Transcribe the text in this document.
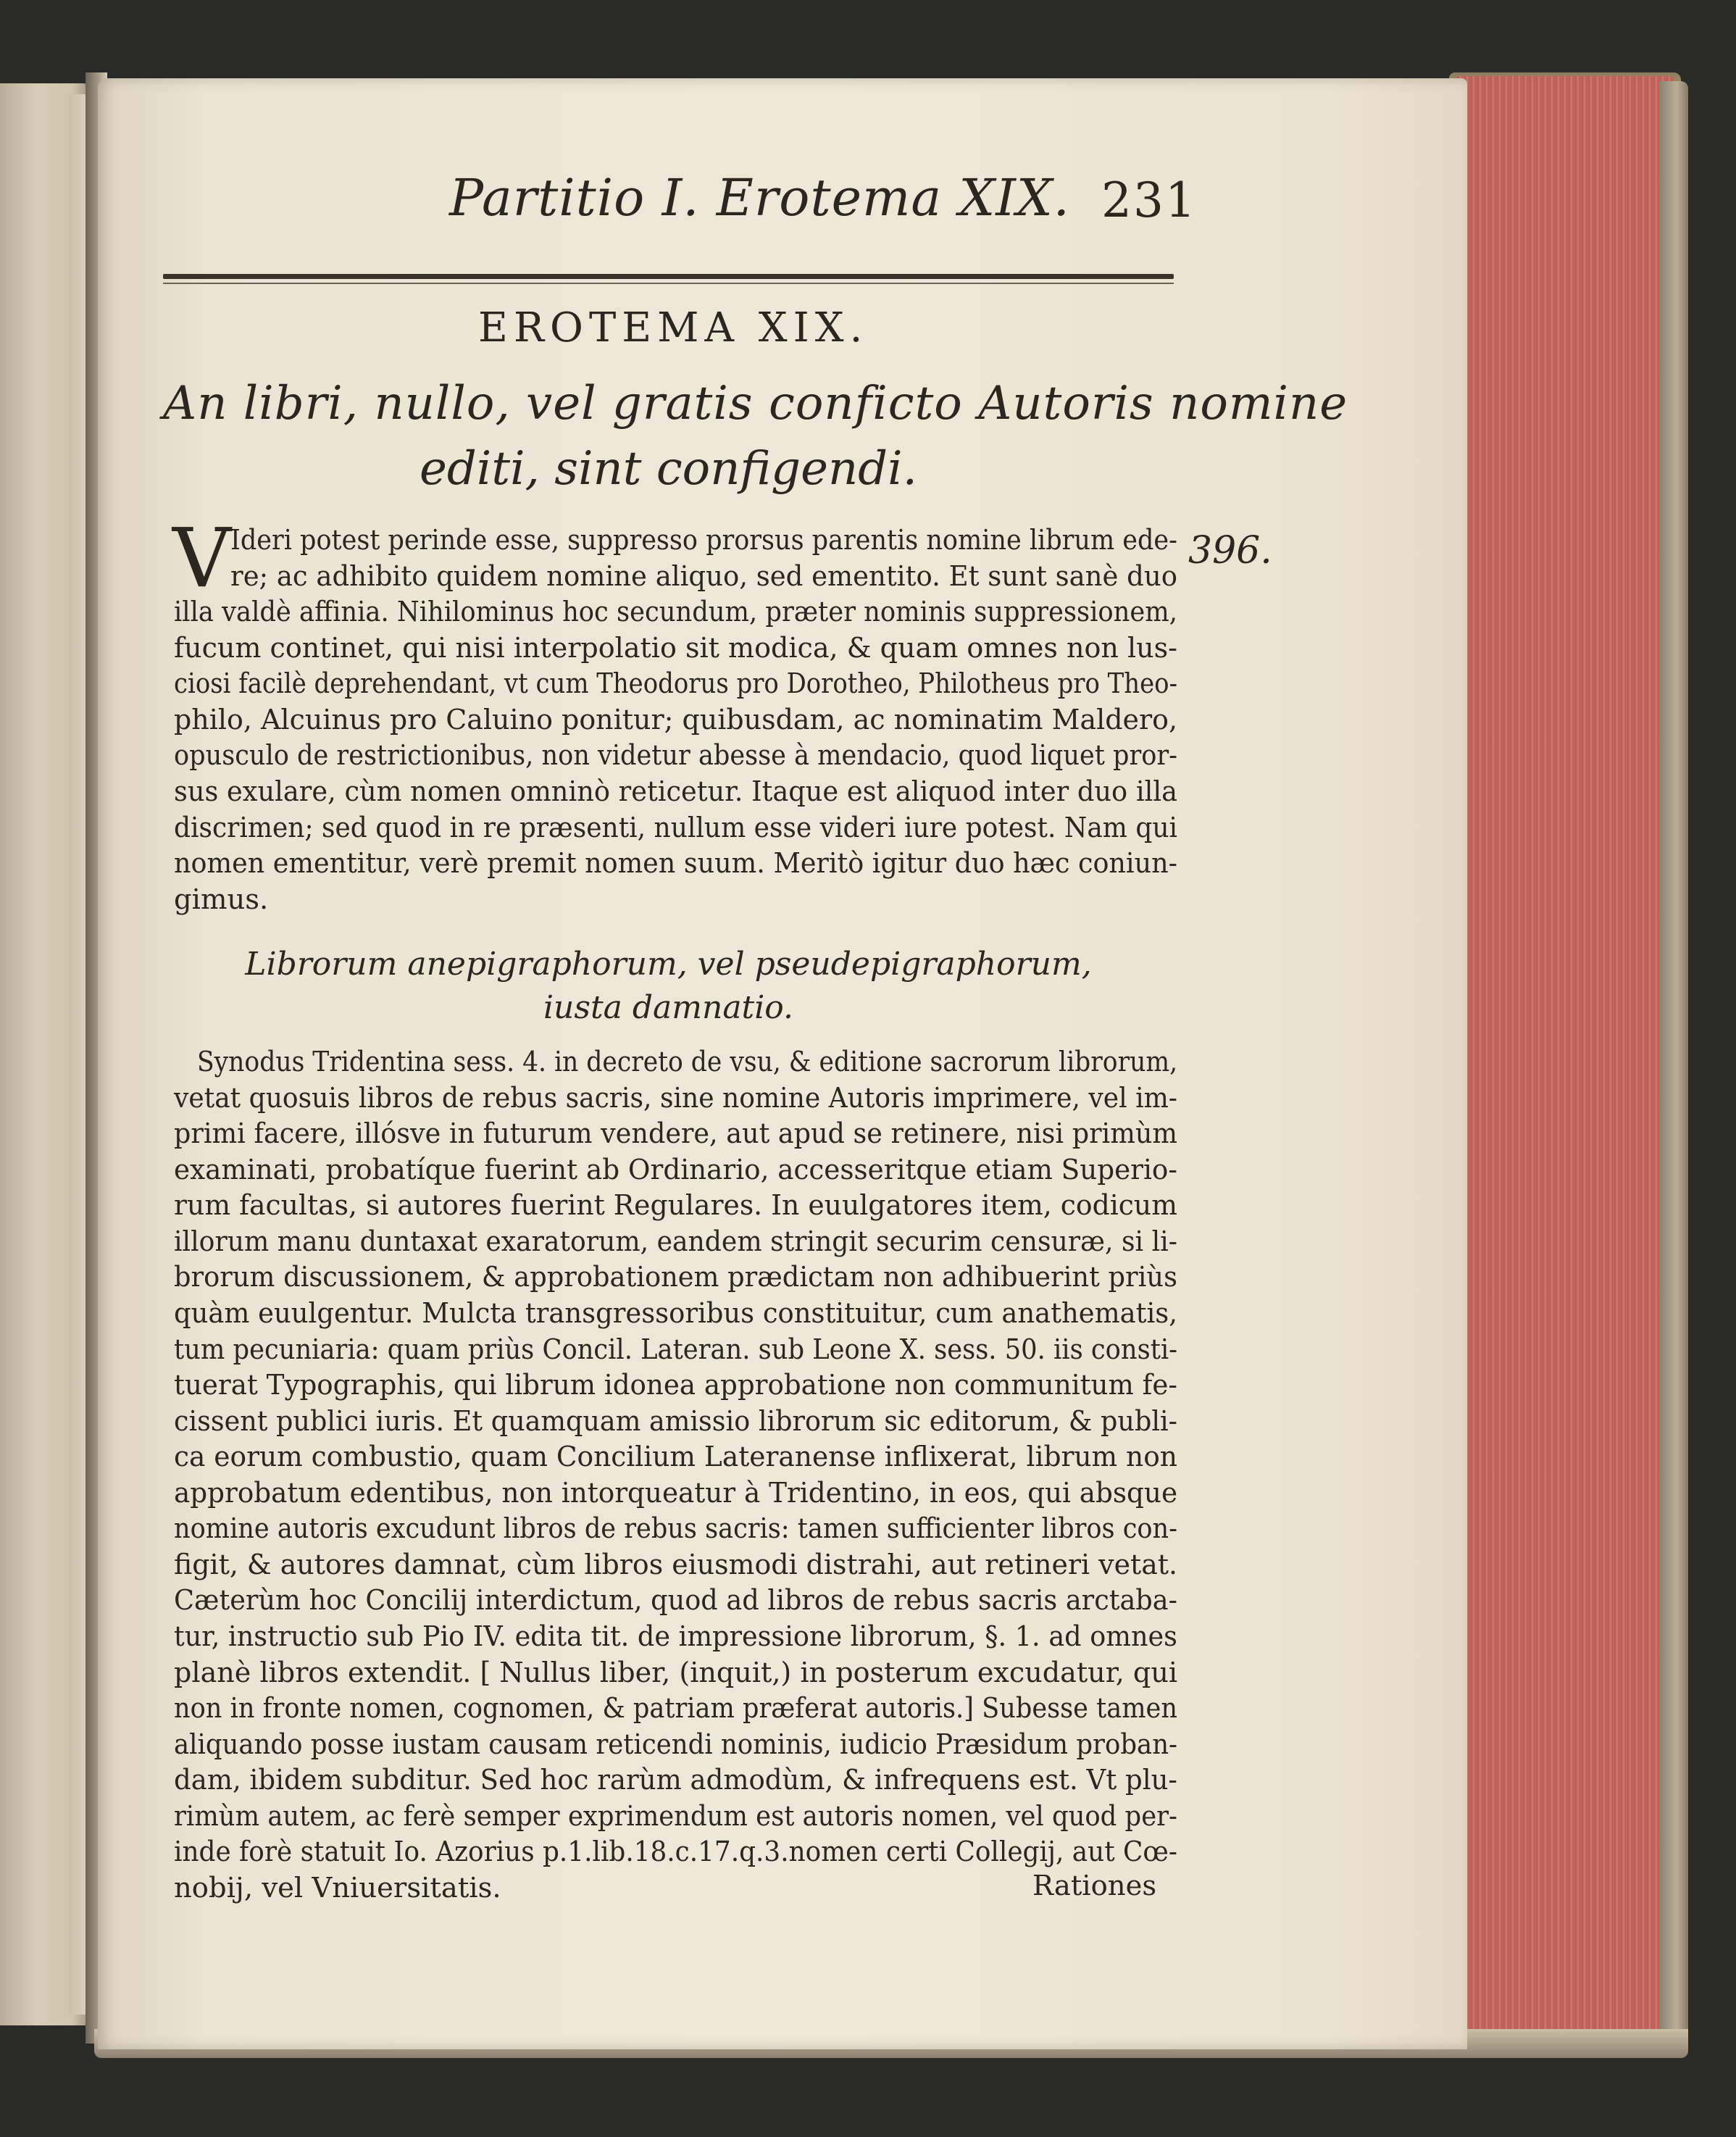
Partitio I. Erotema XIX. 231
EROTEMA XIX.
An libri, nullo, vel gratis conficto Autoris nomine
editi, sint configendi.
396.
V Ideri potest perinde esse, suppresso prorsus parentis nomine librum ede-
re; ac adhibito quidem nomine aliquo, sed ementito. Et sunt sanè duo
illa valdè affinia. Nihilominus hoc secundum, præter nominis suppressionem,
fucum continet, qui nisi interpolatio sit modica, & quam omnes non lus-
ciosi facilè deprehendant, vt cum Theodorus pro Dorotheo, Philotheus pro Theo-
philo, Alcuinus pro Caluino ponitur; quibusdam, ac nominatim Maldero,
opusculo de restrictionibus, non videtur abesse à mendacio, quod liquet pror-
sus exulare, cùm nomen omninò reticetur. Itaque est aliquod inter duo illa
discrimen; sed quod in re præsenti, nullum esse videri iure potest. Nam qui
nomen ementitur, verè premit nomen suum. Meritò igitur duo hæc coniun-
gimus.
Librorum anepigraphorum, vel pseudepigraphorum,
iusta damnatio.
Synodus Tridentina sess. 4. in decreto de vsu, & editione sacrorum librorum,
vetat quosuis libros de rebus sacris, sine nomine Autoris imprimere, vel im-
primi facere, illósve in futurum vendere, aut apud se retinere, nisi primùm
examinati, probatíque fuerint ab Ordinario, accesseritque etiam Superio-
rum facultas, si autores fuerint Regulares. In euulgatores item, codicum
illorum manu duntaxat exaratorum, eandem stringit securim censuræ, si li-
brorum discussionem, & approbationem prædictam non adhibuerint priùs
quàm euulgentur. Mulcta transgressoribus constituitur, cum anathematis,
tum pecuniaria: quam priùs Concil. Lateran. sub Leone X. sess. 50. iis consti-
tuerat Typographis, qui librum idonea approbatione non communitum fe-
cissent publici iuris. Et quamquam amissio librorum sic editorum, & publi-
ca eorum combustio, quam Concilium Lateranense inflixerat, librum non
approbatum edentibus, non intorqueatur à Tridentino, in eos, qui absque
nomine autoris excudunt libros de rebus sacris: tamen sufficienter libros con-
figit, & autores damnat, cùm libros eiusmodi distrahi, aut retineri vetat.
Cæterùm hoc Concilij interdictum, quod ad libros de rebus sacris arctaba-
tur, instructio sub Pio IV. edita tit. de impressione librorum, §. 1. ad omnes
planè libros extendit. [ Nullus liber, (inquit,) in posterum excudatur, qui
non in fronte nomen, cognomen, & patriam præferat autoris.] Subesse tamen
aliquando posse iustam causam reticendi nominis, iudicio Præsidum proban-
dam, ibidem subditur. Sed hoc rarùm admodùm, & infrequens est. Vt plu-
rimùm autem, ac ferè semper exprimendum est autoris nomen, vel quod per-
inde forè statuit Io. Azorius p.1.lib.18.c.17.q.3.nomen certi Collegij, aut Cœ-
nobij, vel Vniuersitatis.	Rationes
